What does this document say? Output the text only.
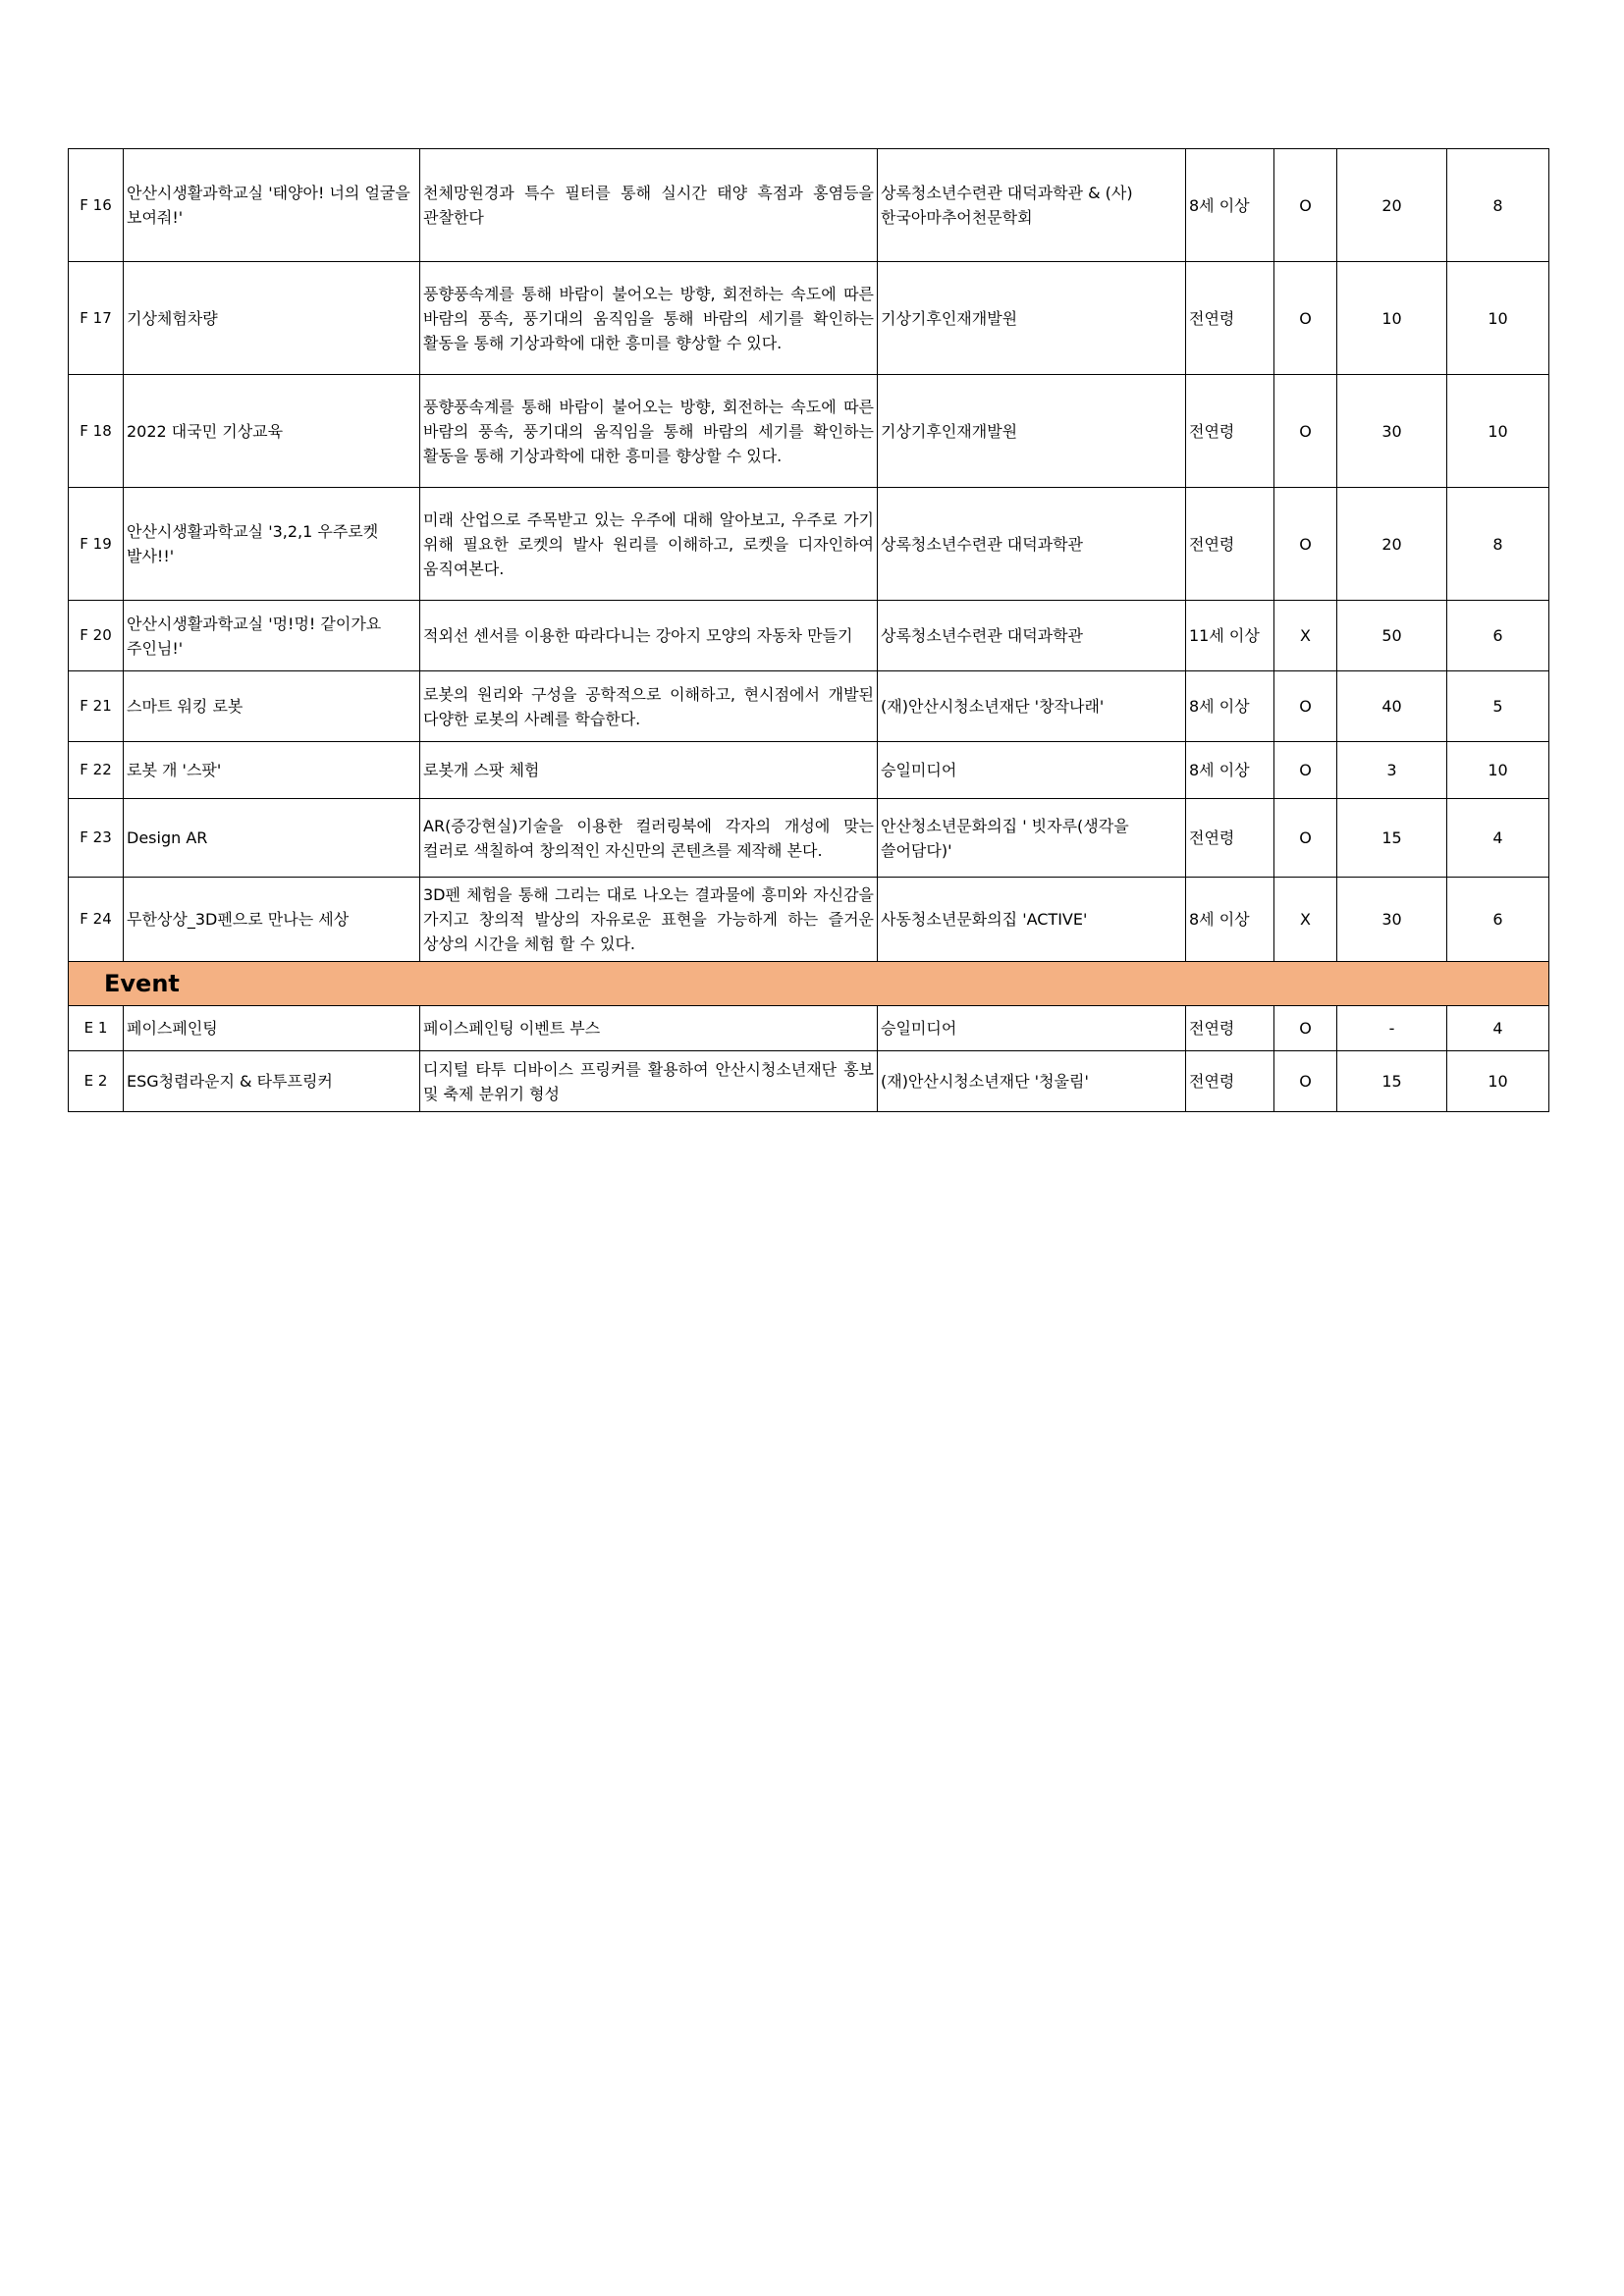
F 16	안산시생활과학교실 '태양아! 너의 얼굴을 보여줘!'	천체망원경과 특수 필터를 통해 실시간 태양 흑점과 홍염등을 관찰한다	상록청소년수련관 대덕과학관 & (사)한국아마추어천문학회	8세 이상	O	20	8
F 17	기상체험차량	풍향풍속계를 통해 바람이 불어오는 방향, 회전하는 속도에 따른 바람의 풍속, 풍기대의 움직임을 통해 바람의 세기를 확인하는 활동을 통해 기상과학에 대한 흥미를 향상할 수 있다.	기상기후인재개발원	전연령	O	10	10
F 18	2022 대국민 기상교육	풍향풍속계를 통해 바람이 불어오는 방향, 회전하는 속도에 따른 바람의 풍속, 풍기대의 움직임을 통해 바람의 세기를 확인하는 활동을 통해 기상과학에 대한 흥미를 향상할 수 있다.	기상기후인재개발원	전연령	O	30	10
F 19	안산시생활과학교실 '3,2,1 우주로켓 발사!!'	미래 산업으로 주목받고 있는 우주에 대해 알아보고, 우주로 가기 위해 필요한 로켓의 발사 원리를 이해하고, 로켓을 디자인하여 움직여본다.	상록청소년수련관 대덕과학관	전연령	O	20	8
F 20	안산시생활과학교실 '멍!멍! 같이가요 주인님!'	적외선 센서를 이용한 따라다니는 강아지 모양의 자동차 만들기	상록청소년수련관 대덕과학관	11세 이상	X	50	6
F 21	스마트 워킹 로봇	로봇의 원리와 구성을 공학적으로 이해하고, 현시점에서 개발된 다양한 로봇의 사례를 학습한다.	(재)안산시청소년재단 '창작나래'	8세 이상	O	40	5
F 22	로봇 개 '스팟'	로봇개 스팟 체험	승일미디어	8세 이상	O	3	10
F 23	Design AR	AR(증강현실)기술을 이용한 컬러링북에 각자의 개성에 맞는 컬러로 색칠하여 창의적인 자신만의 콘텐츠를 제작해 본다.	안산청소년문화의집 ' 빗자루(생각을 쓸어담다)'	전연령	O	15	4
F 24	무한상상_3D펜으로 만나는 세상	3D펜 체험을 통해 그리는 대로 나오는 결과물에 흥미와 자신감을 가지고 창의적 발상의 자유로운 표현을 가능하게 하는 즐거운 상상의 시간을 체험 할 수 있다.	사동청소년문화의집 'ACTIVE'	8세 이상	X	30	6
Event							
E 1	페이스페인팅	페이스페인팅 이벤트 부스	승일미디어	전연령	O	-	4
E 2	ESG청렴라운지 & 타투프링커	디지털 타투 디바이스 프링커를 활용하여 안산시청소년재단 홍보 및 축제 분위기 형성	(재)안산시청소년재단 '청울림'	전연령	O	15	10
